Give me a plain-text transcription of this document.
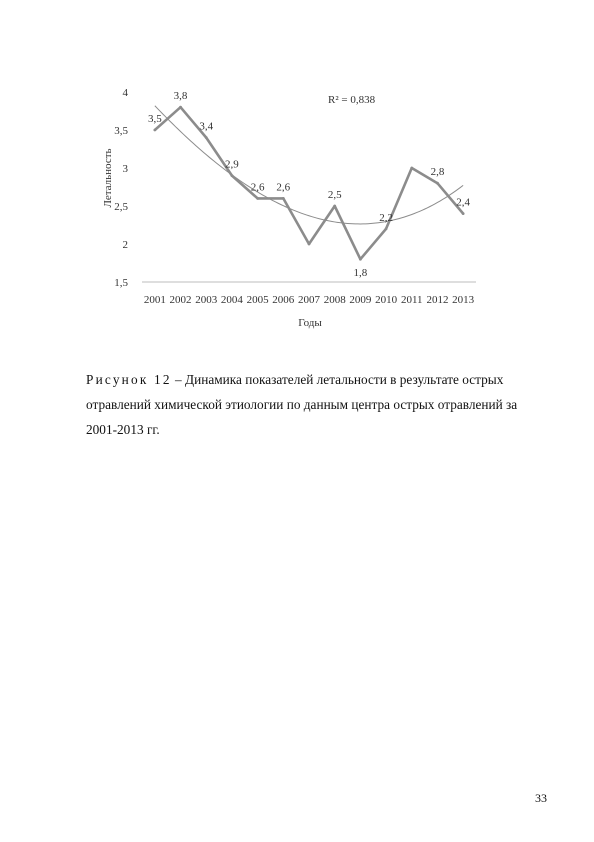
1,5
2
2,5
3
3,5
4
2001 2002 2003 2004 2005 2006 2007 2008 2009 2010 2011 2012 2013
Годы
Летальность
3,5
3,8
3,4
2,9
2,6 2,6
2,5
1,8
2,2
2,8
2,4
R² = 0,838
Рисунок 12 – Динамика показателей летальности в результате острых отравлений химической этиологии по данным центра острых отравлений за 2001-2013 гг.
33
